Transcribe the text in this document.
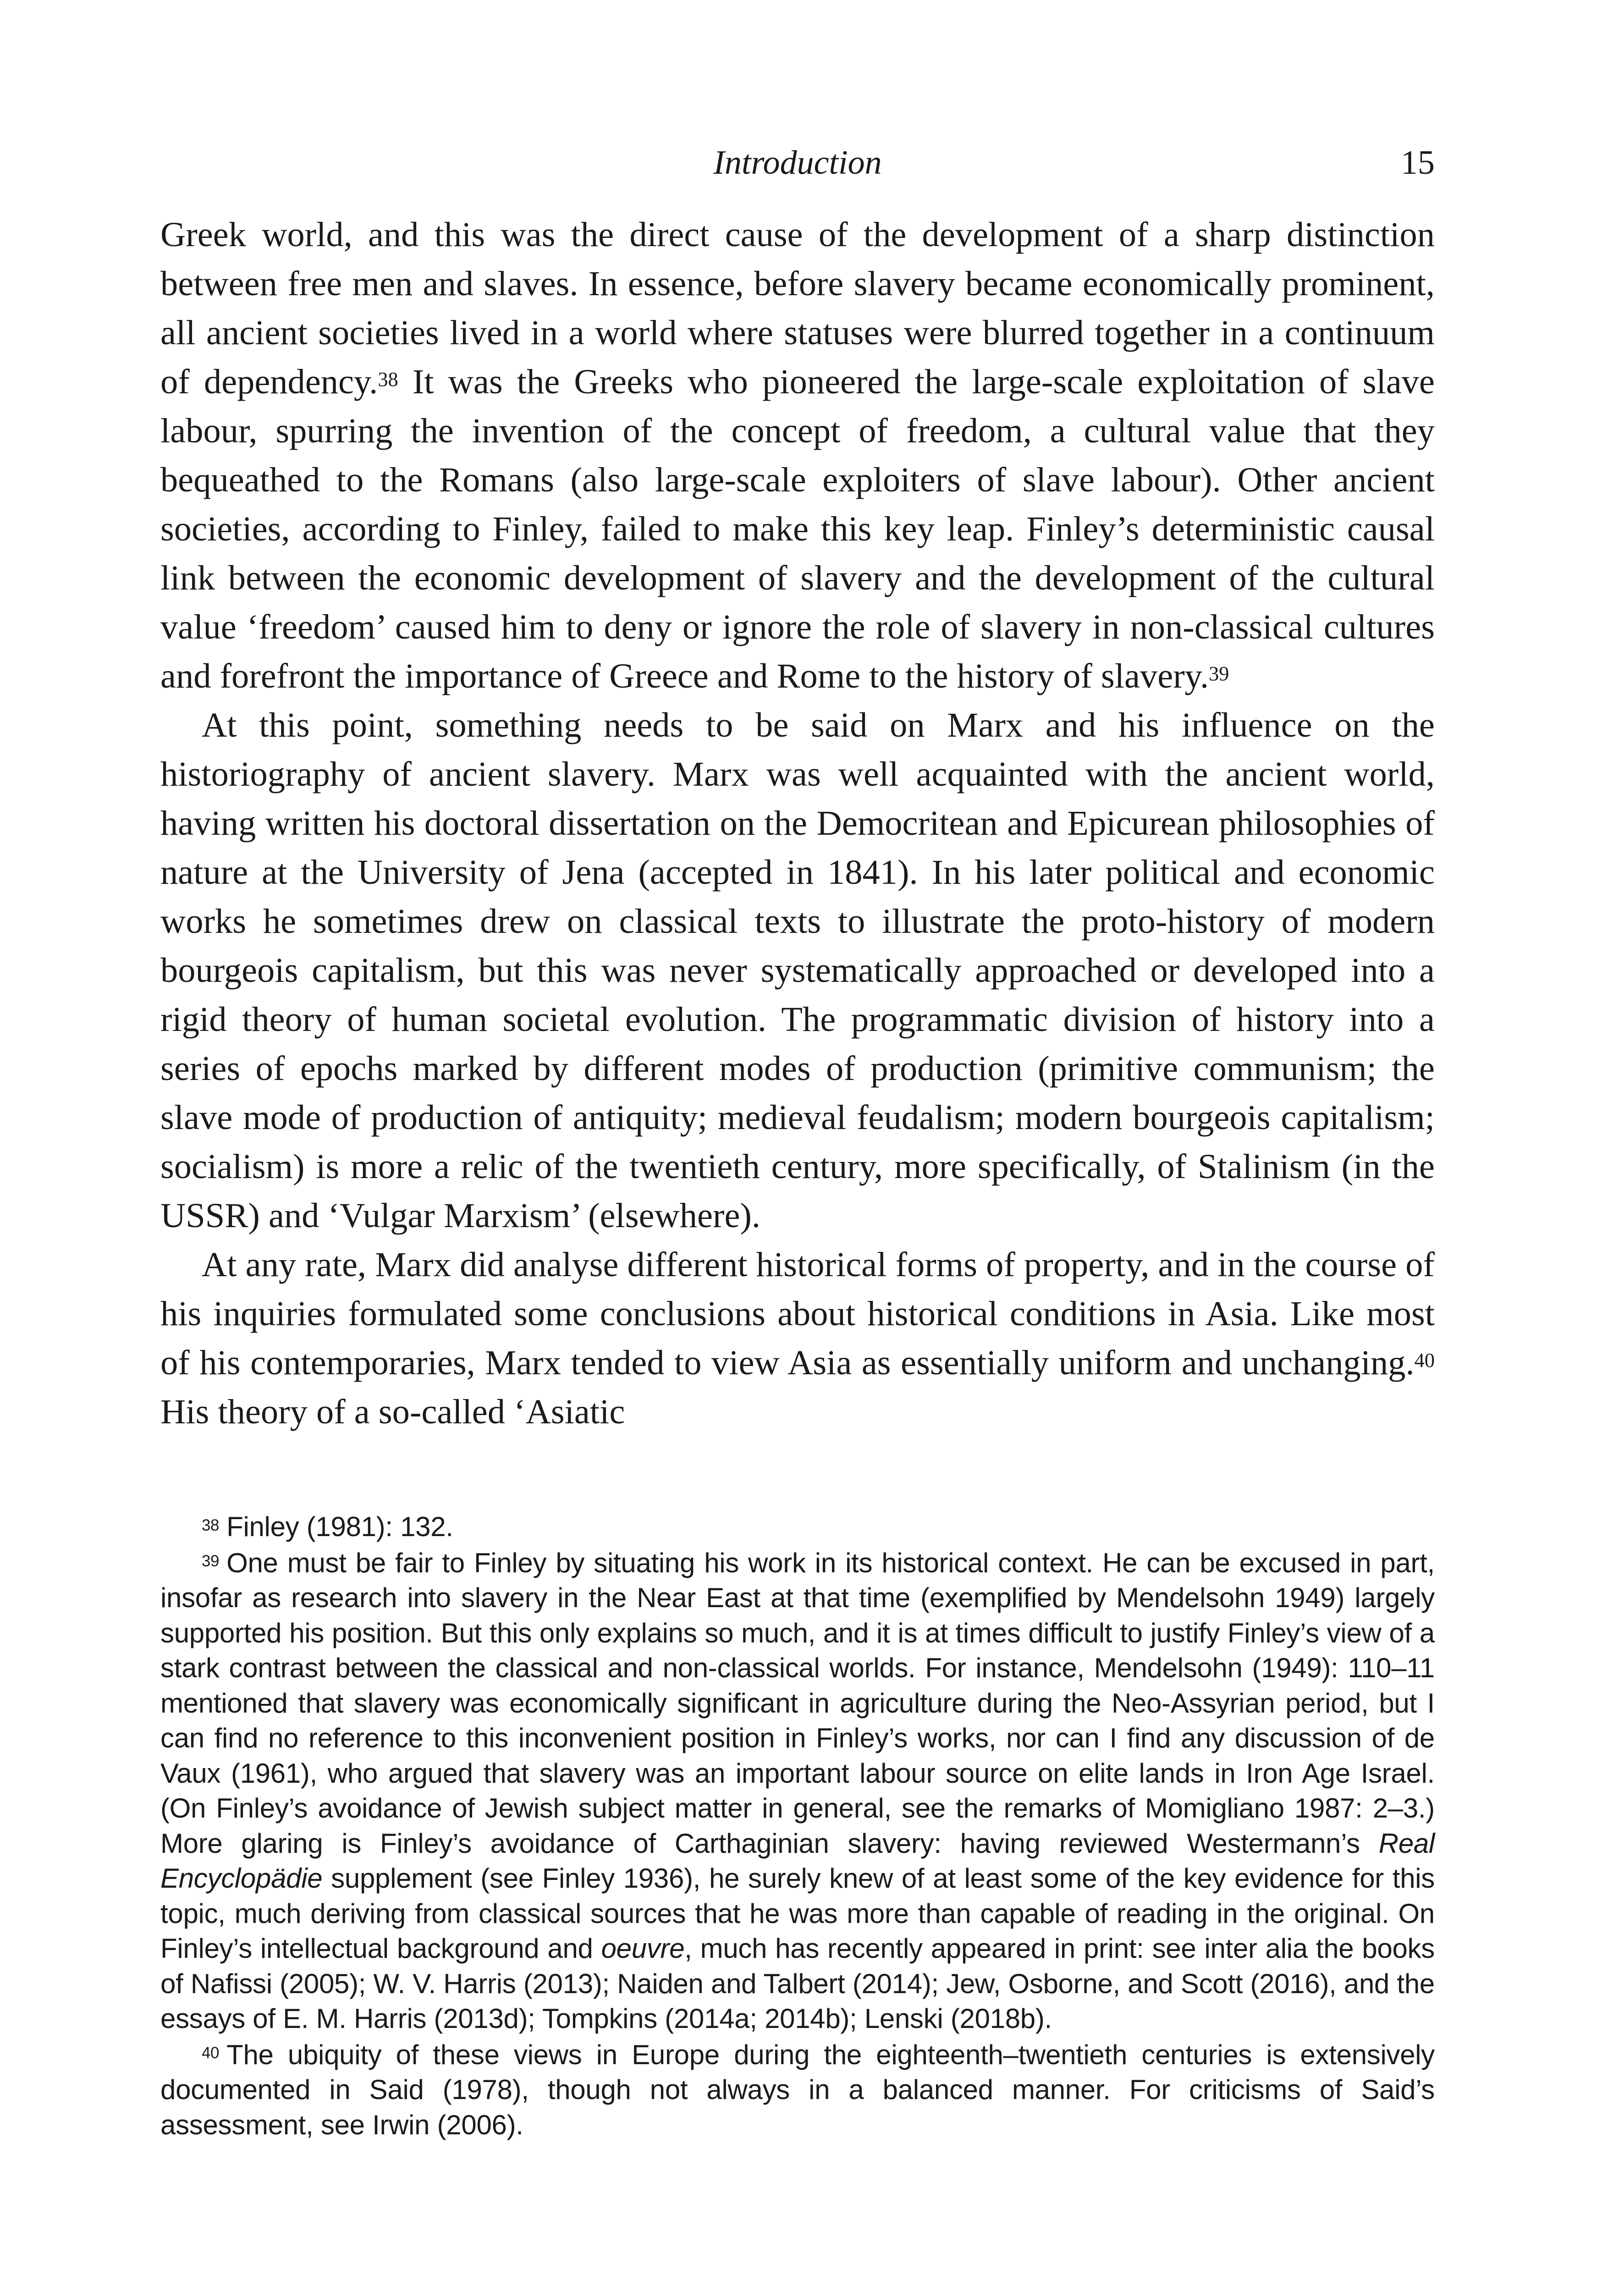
Introduction	15

Greek world, and this was the direct cause of the development of a sharp distinction between free men and slaves. In essence, before slavery became economically prominent, all ancient societies lived in a world where statuses were blurred together in a continuum of dependency.$^{38}$ It was the Greeks who pioneered the large-scale exploitation of slave labour, spurring the invention of the concept of freedom, a cultural value that they bequeathed to the Romans (also large-scale exploiters of slave labour). Other ancient societies, according to Finley, failed to make this key leap. Finley’s deterministic causal link between the economic development of slavery and the development of the cultural value ‘freedom’ caused him to deny or ignore the role of slavery in non-classical cultures and forefront the importance of Greece and Rome to the history of slavery.$^{39}$

At this point, something needs to be said on Marx and his influence on the historiography of ancient slavery. Marx was well acquainted with the ancient world, having written his doctoral dissertation on the Democritean and Epicurean philosophies of nature at the University of Jena (accepted in 1841). In his later political and economic works he sometimes drew on classical texts to illustrate the proto-history of modern bourgeois capitalism, but this was never systematically approached or developed into a rigid theory of human societal evolution. The programmatic division of history into a series of epochs marked by different modes of production (primitive communism; the slave mode of production of antiquity; medieval feudalism; modern bourgeois capitalism; socialism) is more a relic of the twentieth century, more specifically, of Stalinism (in the USSR) and ‘Vulgar Marxism’ (elsewhere).

At any rate, Marx did analyse different historical forms of property, and in the course of his inquiries formulated some conclusions about historical conditions in Asia. Like most of his contemporaries, Marx tended to view Asia as essentially uniform and unchanging.$^{40}$ His theory of a so-called ‘Asiatic

$^{38}$ Finley (1981): 132.

$^{39}$ One must be fair to Finley by situating his work in its historical context. He can be excused in part, insofar as research into slavery in the Near East at that time (exemplified by Mendelsohn 1949) largely supported his position. But this only explains so much, and it is at times difficult to justify Finley’s view of a stark contrast between the classical and non-classical worlds. For instance, Mendelsohn (1949): 110–11 mentioned that slavery was economically significant in agriculture during the Neo-Assyrian period, but I can find no reference to this inconvenient position in Finley’s works, nor can I find any discussion of de Vaux (1961), who argued that slavery was an important labour source on elite lands in Iron Age Israel. (On Finley’s avoidance of Jewish subject matter in general, see the remarks of Momigliano 1987: 2–3.) More glaring is Finley’s avoidance of Carthaginian slavery: having reviewed Westermann’s Real Encyclopädie supplement (see Finley 1936), he surely knew of at least some of the key evidence for this topic, much deriving from classical sources that he was more than capable of reading in the original. On Finley’s intellectual background and oeuvre, much has recently appeared in print: see inter alia the books of Nafissi (2005); W. V. Harris (2013); Naiden and Talbert (2014); Jew, Osborne, and Scott (2016), and the essays of E. M. Harris (2013d); Tompkins (2014a; 2014b); Lenski (2018b).

$^{40}$ The ubiquity of these views in Europe during the eighteenth–twentieth centuries is extensively documented in Said (1978), though not always in a balanced manner. For criticisms of Said’s assessment, see Irwin (2006).
